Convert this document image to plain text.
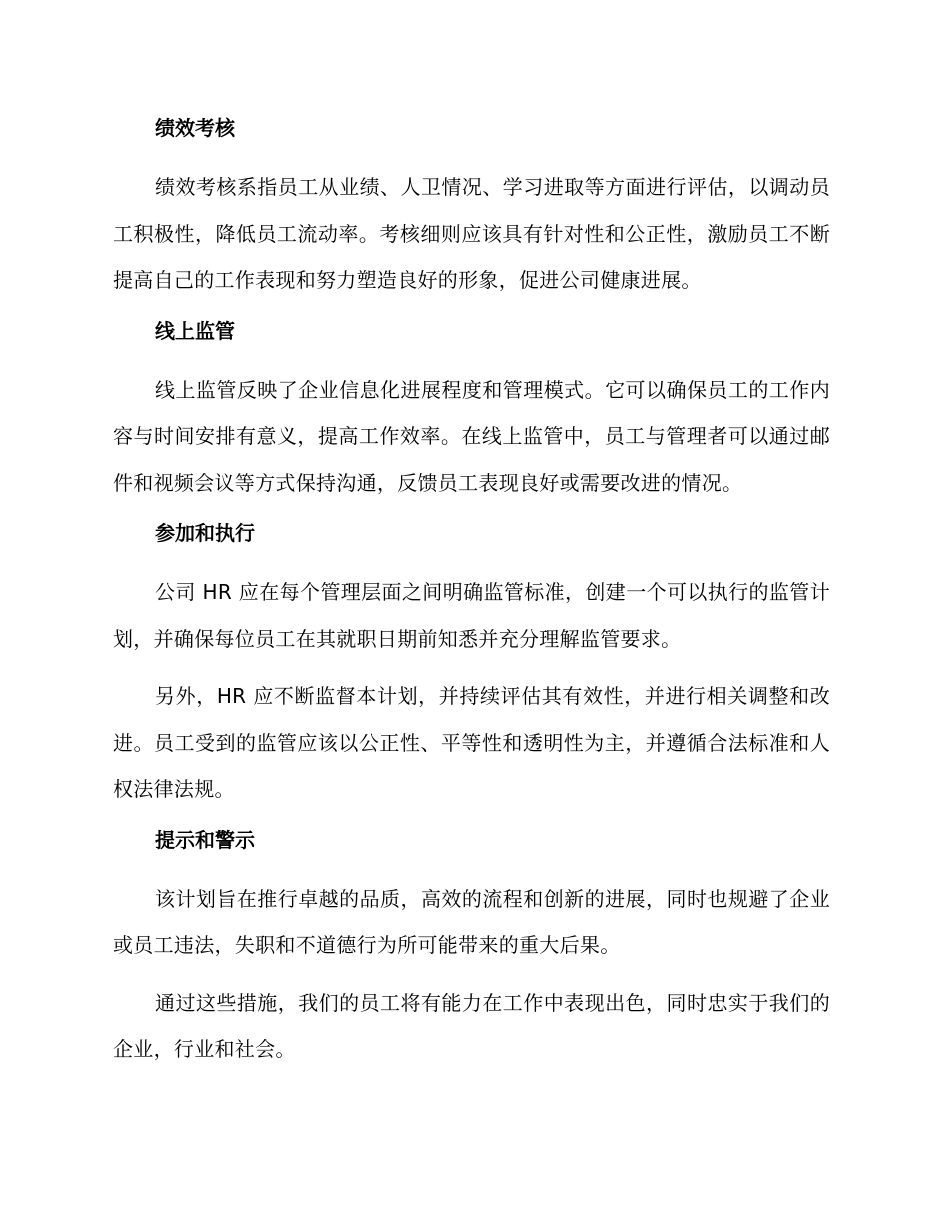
绩效考核

绩效考核系指员工从业绩、人卫情况、学习进取等方面进行评估，以调动员工积极性，降低员工流动率。考核细则应该具有针对性和公正性，激励员工不断提高自己的工作表现和努力塑造良好的形象，促进公司健康进展。

线上监管

线上监管反映了企业信息化进展程度和管理模式。它可以确保员工的工作内容与时间安排有意义，提高工作效率。在线上监管中，员工与管理者可以通过邮件和视频会议等方式保持沟通，反馈员工表现良好或需要改进的情况。

参加和执行

公司 HR 应在每个管理层面之间明确监管标准，创建一个可以执行的监管计划，并确保每位员工在其就职日期前知悉并充分理解监管要求。

另外，HR 应不断监督本计划，并持续评估其有效性，并进行相关调整和改进。员工受到的监管应该以公正性、平等性和透明性为主，并遵循合法标准和人权法律法规。

提示和警示

该计划旨在推行卓越的品质，高效的流程和创新的进展，同时也规避了企业或员工违法，失职和不道德行为所可能带来的重大后果。

通过这些措施，我们的员工将有能力在工作中表现出色，同时忠实于我们的企业，行业和社会。
